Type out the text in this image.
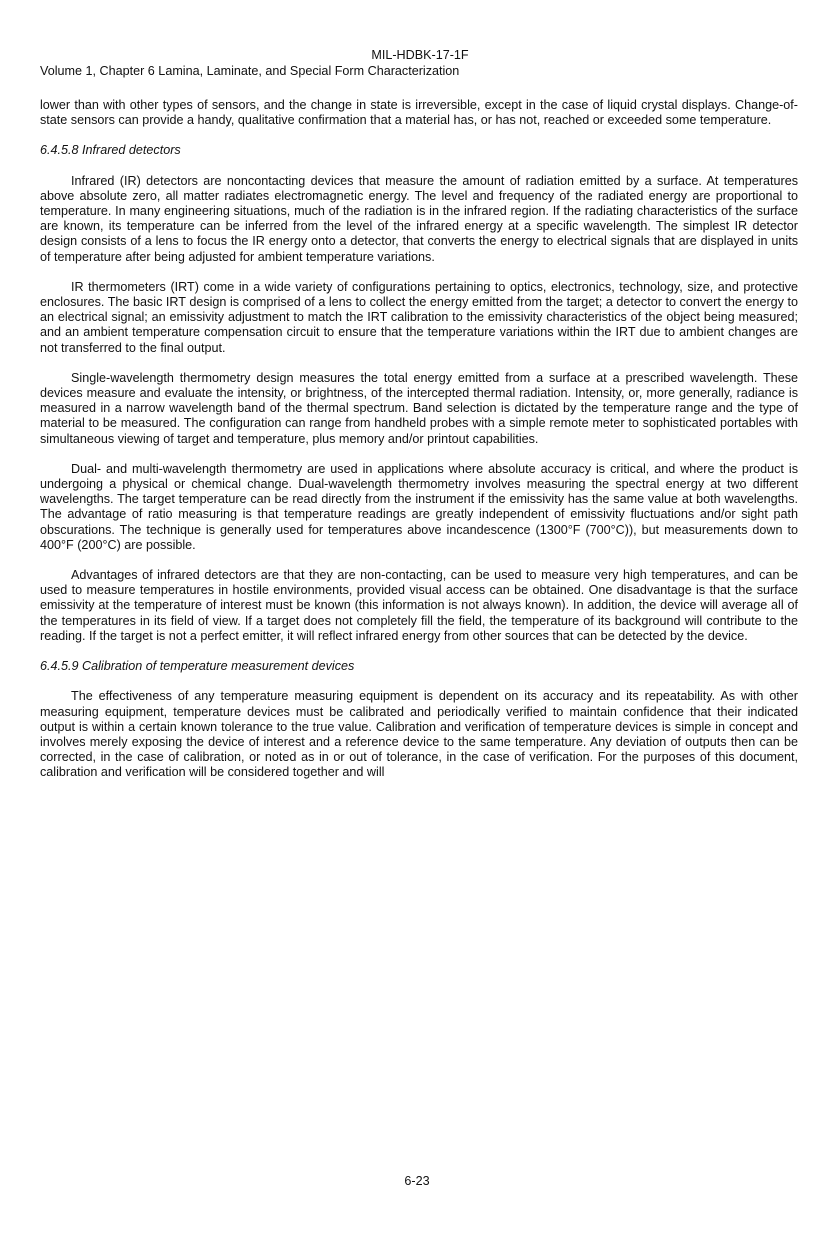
MIL-HDBK-17-1F
Volume 1, Chapter 6 Lamina, Laminate, and Special Form Characterization

lower than with other types of sensors, and the change in state is irreversible, except in the case of liquid crystal displays. Change-of-state sensors can provide a handy, qualitative confirmation that a material has, or has not, reached or exceeded some temperature.

6.4.5.8 Infrared detectors

Infrared (IR) detectors are noncontacting devices that measure the amount of radiation emitted by a surface. At temperatures above absolute zero, all matter radiates electromagnetic energy. The level and frequency of the radiated energy are proportional to temperature. In many engineering situations, much of the radiation is in the infrared region. If the radiating characteristics of the surface are known, its temperature can be inferred from the level of the infrared energy at a specific wavelength. The simplest IR detector design consists of a lens to focus the IR energy onto a detector, that converts the energy to electrical signals that are displayed in units of temperature after being adjusted for ambient temperature variations.

IR thermometers (IRT) come in a wide variety of configurations pertaining to optics, electronics, technology, size, and protective enclosures. The basic IRT design is comprised of a lens to collect the energy emitted from the target; a detector to convert the energy to an electrical signal; an emissivity adjustment to match the IRT calibration to the emissivity characteristics of the object being measured; and an ambient temperature compensation circuit to ensure that the temperature variations within the IRT due to ambient changes are not transferred to the final output.

Single-wavelength thermometry design measures the total energy emitted from a surface at a prescribed wavelength. These devices measure and evaluate the intensity, or brightness, of the intercepted thermal radiation. Intensity, or, more generally, radiance is measured in a narrow wavelength band of the thermal spectrum. Band selection is dictated by the temperature range and the type of material to be measured. The configuration can range from handheld probes with a simple remote meter to sophisticated portables with simultaneous viewing of target and temperature, plus memory and/or printout capabilities.

Dual- and multi-wavelength thermometry are used in applications where absolute accuracy is critical, and where the product is undergoing a physical or chemical change. Dual-wavelength thermometry involves measuring the spectral energy at two different wavelengths. The target temperature can be read directly from the instrument if the emissivity has the same value at both wavelengths. The advantage of ratio measuring is that temperature readings are greatly independent of emissivity fluctuations and/or sight path obscurations. The technique is generally used for temperatures above incandescence (1300°F (700°C)), but measurements down to 400°F (200°C) are possible.

Advantages of infrared detectors are that they are non-contacting, can be used to measure very high temperatures, and can be used to measure temperatures in hostile environments, provided visual access can be obtained. One disadvantage is that the surface emissivity at the temperature of interest must be known (this information is not always known). In addition, the device will average all of the temperatures in its field of view. If a target does not completely fill the field, the temperature of its background will contribute to the reading. If the target is not a perfect emitter, it will reflect infrared energy from other sources that can be detected by the device.

6.4.5.9 Calibration of temperature measurement devices

The effectiveness of any temperature measuring equipment is dependent on its accuracy and its repeatability. As with other measuring equipment, temperature devices must be calibrated and periodically verified to maintain confidence that their indicated output is within a certain known tolerance to the true value. Calibration and verification of temperature devices is simple in concept and involves merely exposing the device of interest and a reference device to the same temperature. Any deviation of outputs then can be corrected, in the case of calibration, or noted as in or out of tolerance, in the case of verification. For the purposes of this document, calibration and verification will be considered together and will

6-23
